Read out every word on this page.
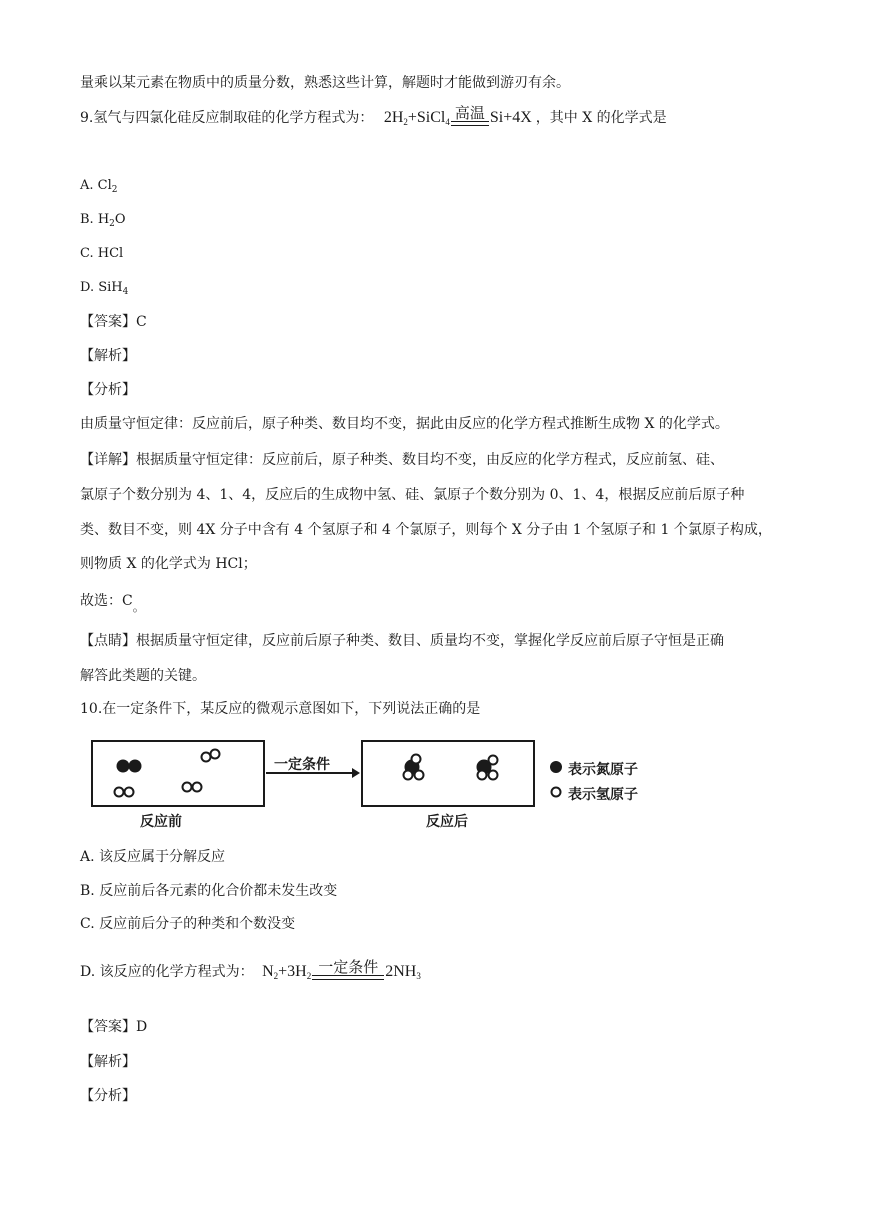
量乘以某元素在物质中的质量分数，熟悉这些计算，解题时才能做到游刃有余。
9.氢气与四氯化硅反应制取硅的化学方程式为： $2H_2+SiCl_4$ 高温 Si+4X ，其中 X 的化学式是
A. $Cl_2$
B. $H_2O$
C. HCl
D. SiH$_4$
【答案】C
【解析】
【分析】
由质量守恒定律：反应前后，原子种类、数目均不变，据此由反应的化学方程式推断生成物 X 的化学式。
【详解】根据质量守恒定律：反应前后，原子种类、数目均不变，由反应的化学方程式，反应前氢、硅、
氯原子个数分别为 4、1、4，反应后的生成物中氢、硅、氯原子个数分别为 0、1、4，根据反应前后原子种
类、数目不变，则 4X 分子中含有 4 个氢原子和 4 个氯原子，则每个 X 分子由 1 个氢原子和 1 个氯原子构成，
则物质 X 的化学式为 HCl；
故选：C。
【点睛】根据质量守恒定律，反应前后原子种类、数目、质量均不变，掌握化学反应前后原子守恒是正确
解答此类题的关键。
10.在一定条件下，某反应的微观示意图如下，下列说法正确的是
一定条件
反应前	反应后
表示氮原子
表示氢原子
A. 该反应属于分解反应
B. 反应前后各元素的化合价都未发生改变
C. 反应前后分子的种类和个数没变
D. 该反应的化学方程式为： $N_2+3H_2$ 一定条件 $2NH_3$
【答案】D
【解析】
【分析】
